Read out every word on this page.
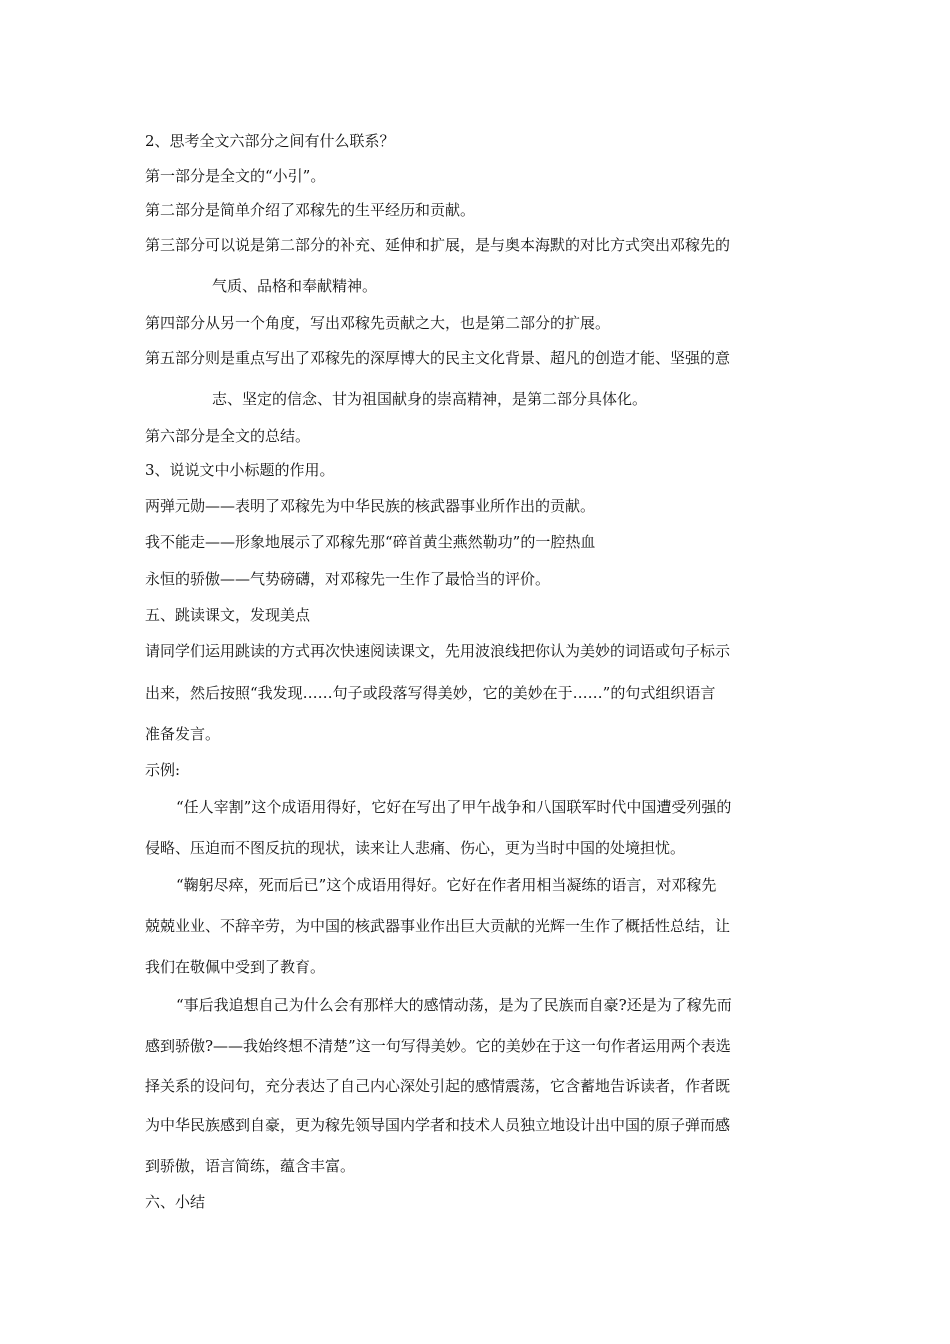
2、思考全文六部分之间有什么联系？
第一部分是全文的“小引”。
第二部分是简单介绍了邓稼先的生平经历和贡献。
第三部分可以说是第二部分的补充、延伸和扩展，是与奥本海默的对比方式突出邓稼先的
气质、品格和奉献精神。
第四部分从另一个角度，写出邓稼先贡献之大，也是第二部分的扩展。
第五部分则是重点写出了邓稼先的深厚博大的民主文化背景、超凡的创造才能、坚强的意
志、坚定的信念、甘为祖国献身的崇高精神，是第二部分具体化。
第六部分是全文的总结。
3、说说文中小标题的作用。
两弹元勋——表明了邓稼先为中华民族的核武器事业所作出的贡献。
我不能走——形象地展示了邓稼先那“碎首黄尘燕然勒功”的一腔热血
永恒的骄傲——气势磅礴，对邓稼先一生作了最恰当的评价。
五、跳读课文，发现美点
请同学们运用跳读的方式再次快速阅读课文，先用波浪线把你认为美妙的词语或句子标示
出来，然后按照“我发现……句子或段落写得美妙，它的美妙在于……”的句式组织语言
准备发言。
示例:
“任人宰割”这个成语用得好，它好在写出了甲午战争和八国联军时代中国遭受列强的
侵略、压迫而不图反抗的现状，读来让人悲痛、伤心，更为当时中国的处境担忧。
“鞠躬尽瘁，死而后已”这个成语用得好。它好在作者用相当凝练的语言，对邓稼先
兢兢业业、不辞辛劳，为中国的核武器事业作出巨大贡献的光辉一生作了概括性总结，让
我们在敬佩中受到了教育。
“事后我追想自己为什么会有那样大的感情动荡，是为了民族而自豪?还是为了稼先而
感到骄傲?——我始终想不清楚”这一句写得美妙。它的美妙在于这一句作者运用两个表选
择关系的设问句，充分表达了自己内心深处引起的感情震荡，它含蓄地告诉读者，作者既
为中华民族感到自豪，更为稼先领导国内学者和技术人员独立地设计出中国的原子弹而感
到骄傲，语言简练，蕴含丰富。
六、小结
